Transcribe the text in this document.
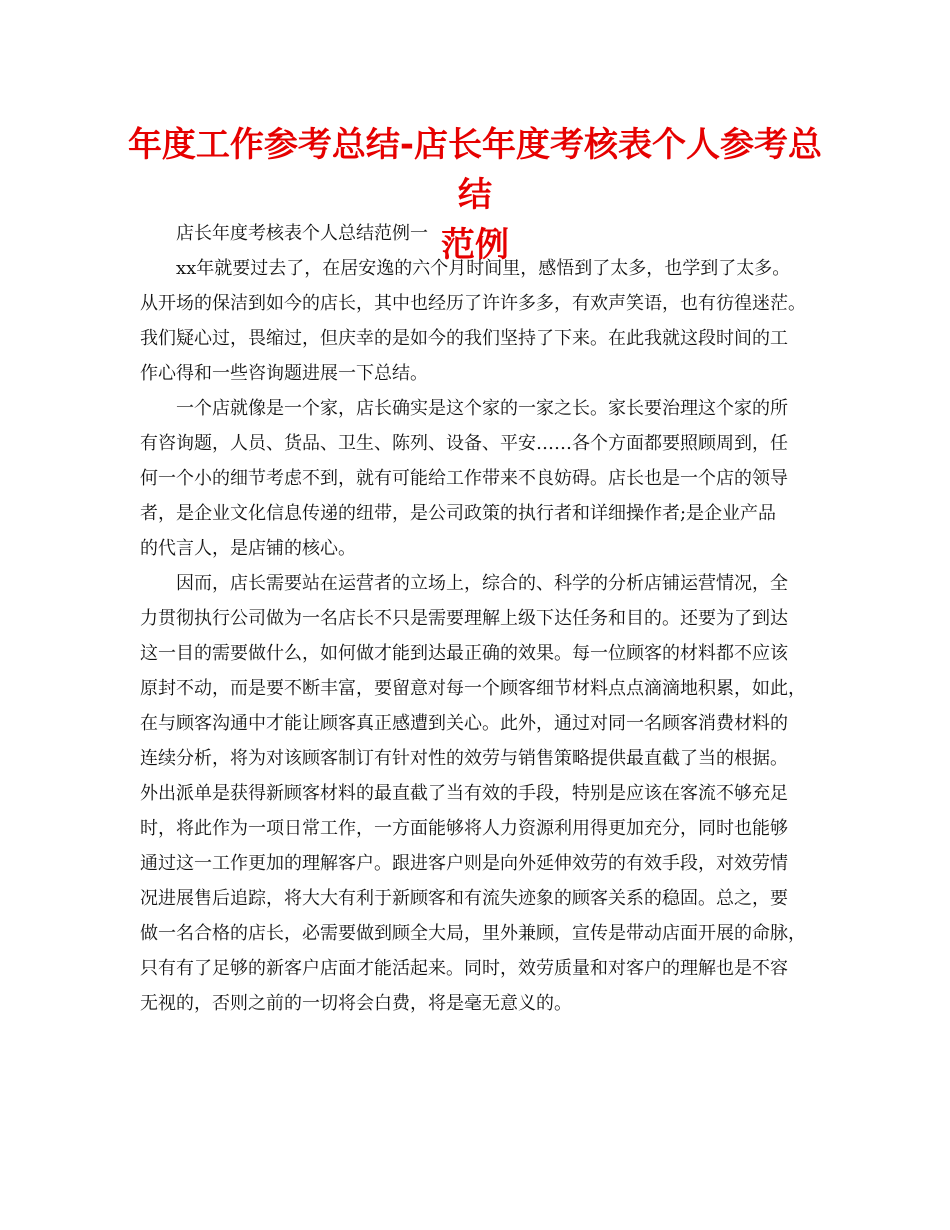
年度工作参考总结-店长年度考核表个人参考总结
范例
店长年度考核表个人总结范例一
xx年就要过去了，在居安逸的六个月时间里，感悟到了太多，也学到了太多。
从开场的保洁到如今的店长，其中也经历了许许多多，有欢声笑语，也有彷徨迷茫。
我们疑心过，畏缩过，但庆幸的是如今的我们坚持了下来。在此我就这段时间的工
作心得和一些咨询题进展一下总结。
一个店就像是一个家，店长确实是这个家的一家之长。家长要治理这个家的所
有咨询题，人员、货品、卫生、陈列、设备、平安……各个方面都要照顾周到，任
何一个小的细节考虑不到，就有可能给工作带来不良妨碍。店长也是一个店的领导
者，是企业文化信息传递的纽带，是公司政策的执行者和详细操作者;是企业产品
的代言人，是店铺的核心。
因而，店长需要站在运营者的立场上，综合的、科学的分析店铺运营情况，全
力贯彻执行公司做为一名店长不只是需要理解上级下达任务和目的。还要为了到达
这一目的需要做什么，如何做才能到达最正确的效果。每一位顾客的材料都不应该
原封不动，而是要不断丰富，要留意对每一个顾客细节材料点点滴滴地积累，如此，
在与顾客沟通中才能让顾客真正感遭到关心。此外，通过对同一名顾客消费材料的
连续分析，将为对该顾客制订有针对性的效劳与销售策略提供最直截了当的根据。
外出派单是获得新顾客材料的最直截了当有效的手段，特别是应该在客流不够充足
时，将此作为一项日常工作，一方面能够将人力资源利用得更加充分，同时也能够
通过这一工作更加的理解客户。跟进客户则是向外延伸效劳的有效手段，对效劳情
况进展售后追踪，将大大有利于新顾客和有流失迹象的顾客关系的稳固。总之，要
做一名合格的店长，必需要做到顾全大局，里外兼顾，宣传是带动店面开展的命脉，
只有有了足够的新客户店面才能活起来。同时，效劳质量和对客户的理解也是不容
无视的，否则之前的一切将会白费，将是毫无意义的。
